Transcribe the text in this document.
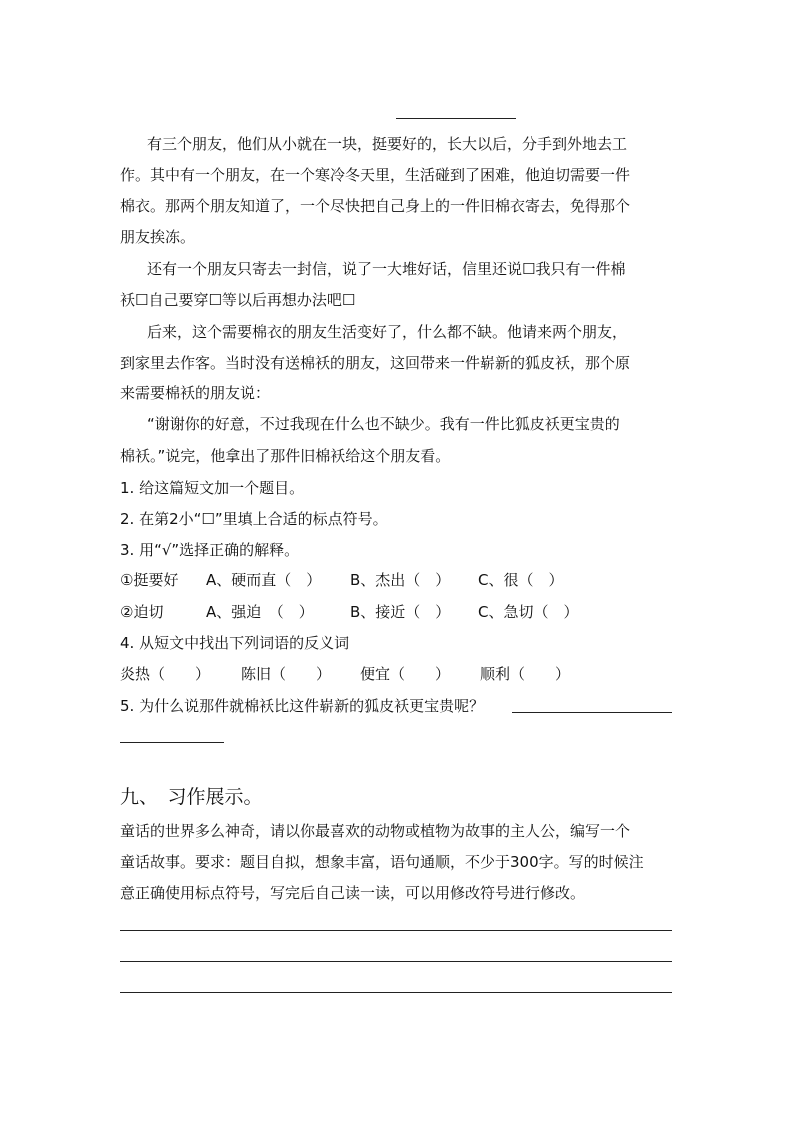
有三个朋友，他们从小就在一块，挺要好的，长大以后，分手到外地去工
作。其中有一个朋友，在一个寒冷冬天里，生活碰到了困难，他迫切需要一件
棉衣。那两个朋友知道了，一个尽快把自己身上的一件旧棉衣寄去，免得那个
朋友挨冻。
还有一个朋友只寄去一封信，说了一大堆好话，信里还说☐我只有一件棉
袄☐自己要穿☐等以后再想办法吧☐
后来，这个需要棉衣的朋友生活变好了，什么都不缺。他请来两个朋友，
到家里去作客。当时没有送棉袄的朋友，这回带来一件崭新的狐皮袄，那个原
来需要棉袄的朋友说：
“谢谢你的好意，不过我现在什么也不缺少。我有一件比狐皮袄更宝贵的
棉袄。”说完，他拿出了那件旧棉袄给这个朋友看。
1. 给这篇短文加一个题目。
2. 在第2小“☐”里填上合适的标点符号。
3. 用“√”选择正确的解释。
①挺要好 A、硬而直（　） B、杰出（　） C、很（　）
②迫切	A、强迫　（　） B、接近（　） C、急切（　）
4. 从短文中找出下列词语的反义词
炎热（　　） 陈旧（　　） 便宜（　　） 顺利（　　）
5. 为什么说那件就棉袄比这件崭新的狐皮袄更宝贵呢？
九、　习作展示。
童话的世界多么神奇，请以你最喜欢的动物或植物为故事的主人公，编写一个
童话故事。要求：题目自拟，想象丰富，语句通顺，不少于300字。写的时候注
意正确使用标点符号，写完后自己读一读，可以用修改符号进行修改。
